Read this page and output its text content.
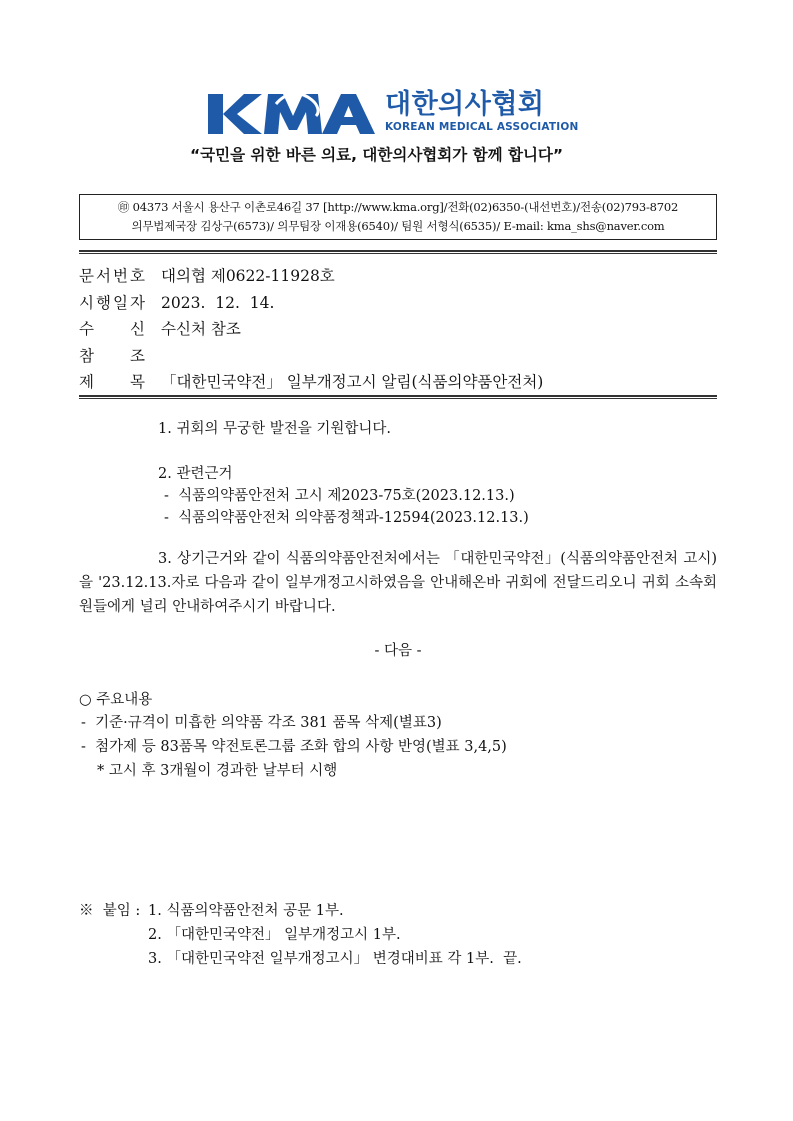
대한의사협회
KOREAN MEDICAL ASSOCIATION
“국민을 위한 바른 의료, 대한의사협회가 함께 합니다”
㊞ 04373 서울시 용산구 이촌로46길 37 [http://www.kma.org]/전화(02)6350-(내선번호)/전송(02)793-8702
의무법제국장 김상구(6573)/ 의무팀장 이재용(6540)/ 팀원 서형식(6535)/ E-mail: kma_shs@naver.com
문 서 번 호 대의협 제0622-11928호
시 행 일 자 2023.  12.  14.
수 신 수신처 참조
참 조
제 목 「대한민국약전」 일부개정고시 알림(식품의약품안전처)
1. 귀회의 무궁한 발전을 기원합니다.
2. 관련근거
-  식품의약품안전처 고시 제2023-75호(2023.12.13.)
-  식품의약품안전처 의약품정책과-12594(2023.12.13.)
3. 상기근거와 같이 식품의약품안전처에서는 「대한민국약전」(식품의약품안전처 고시)을 '23.12.13.자로 다음과 같이 일부개정고시하였음을 안내해온바 귀회에 전달드리오니 귀회 소속회원들에게 널리 안내하여주시기 바랍니다.
- 다음 -
○ 주요내용
-  기준·규격이 미흡한 의약품 각조 381 품목 삭제(별표3)
-  첨가제 등 83품목 약전토론그룹 조화 합의 사항 반영(별표 3,4,5)
* 고시 후 3개월이 경과한 날부터 시행
※  붙임 : 1. 식품의약품안전처 공문 1부.
2. 「대한민국약전」 일부개정고시 1부.
3. 「대한민국약전 일부개정고시」 변경대비표 각 1부.  끝.
